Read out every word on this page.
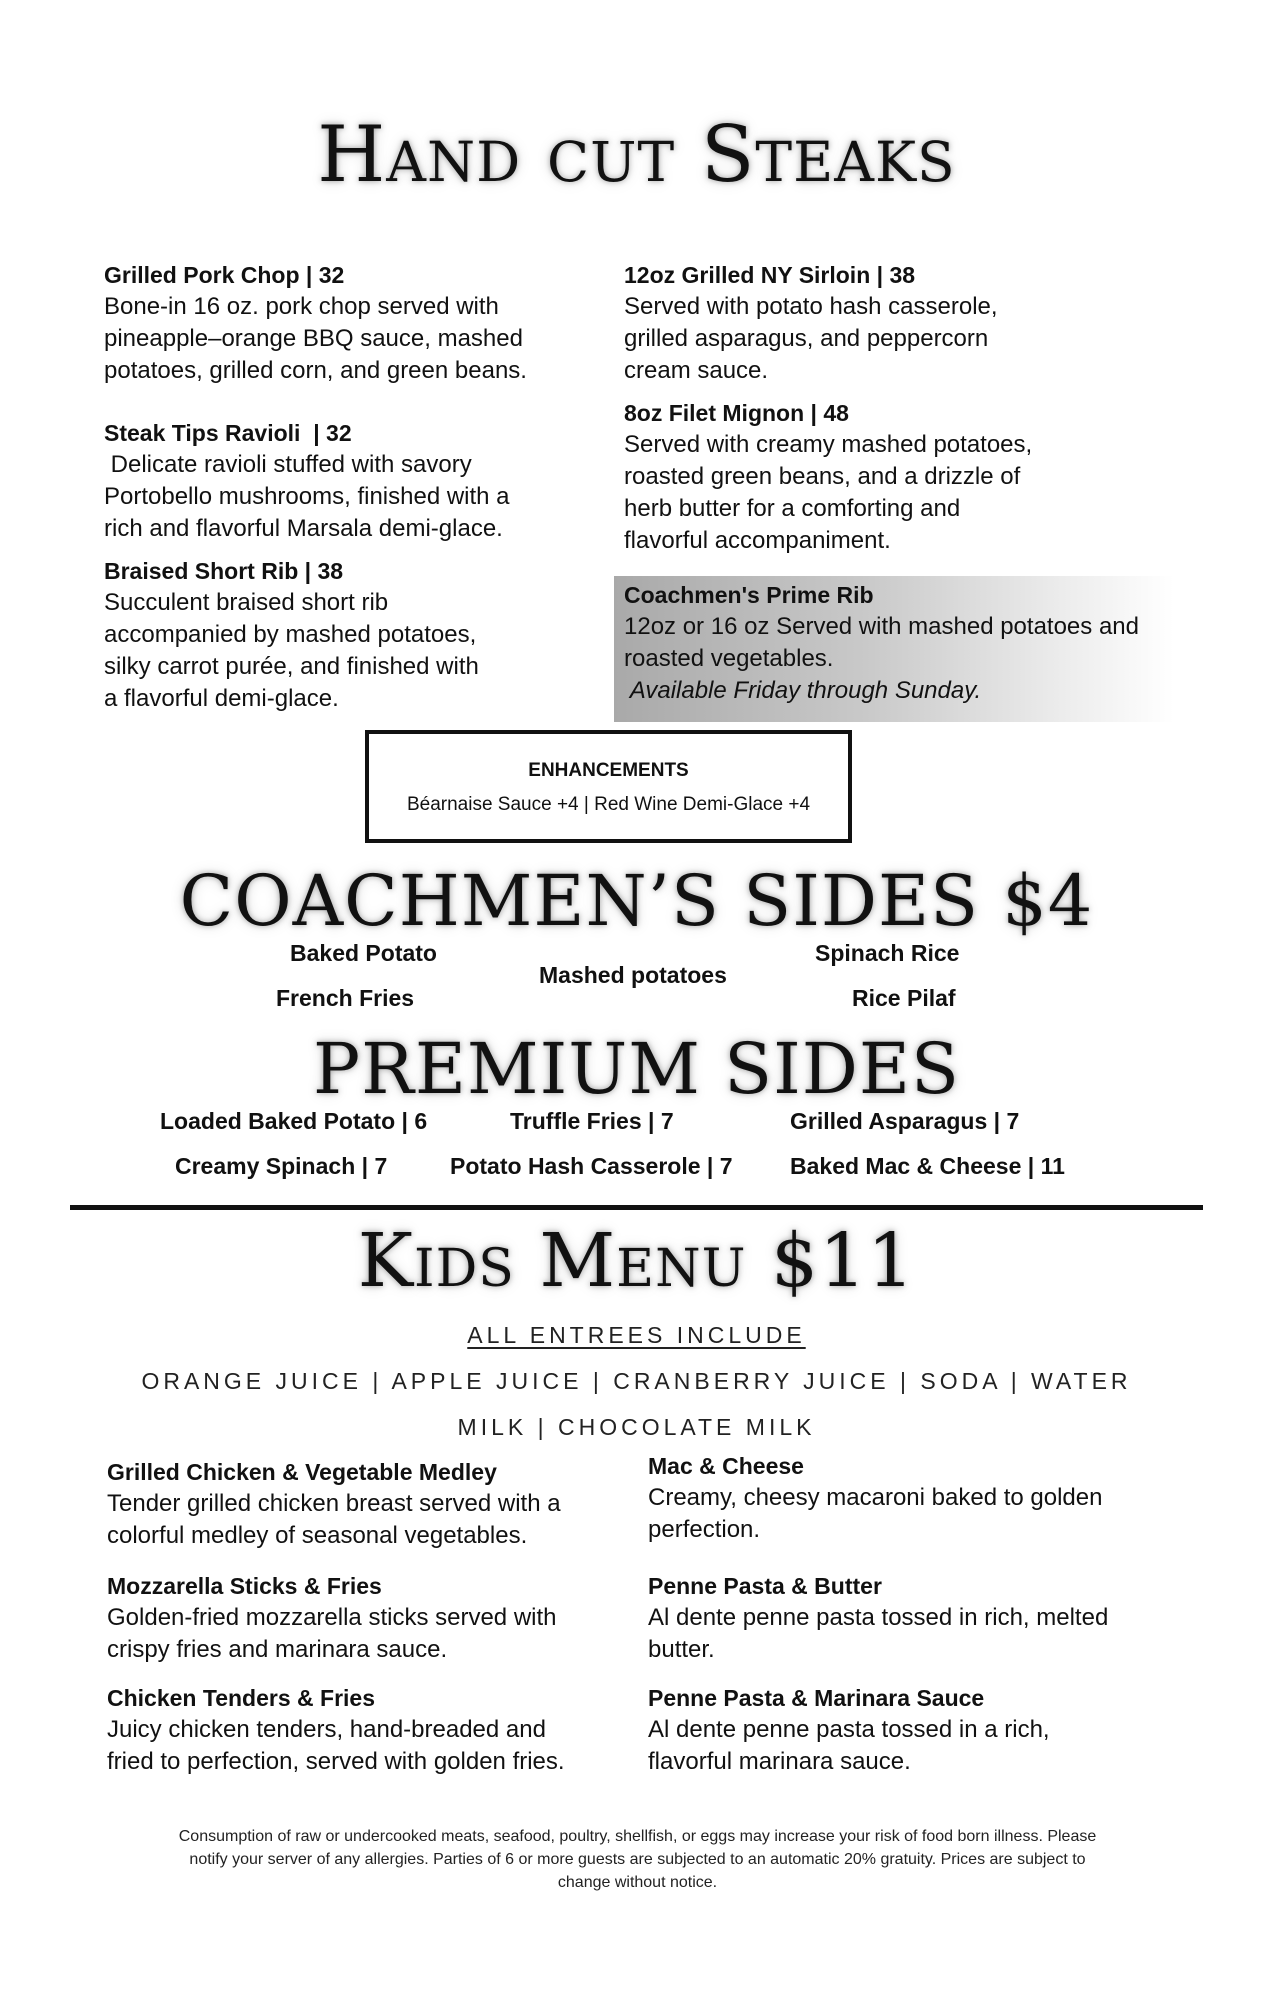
Hand cut Steaks
Grilled Pork Chop | 32
Bone-in 16 oz. pork chop served with
pineapple–orange BBQ sauce, mashed
potatoes, grilled corn, and green beans.
Steak Tips Ravioli  | 32
Delicate ravioli stuffed with savory
Portobello mushrooms, finished with a
rich and flavorful Marsala demi-glace.
Braised Short Rib | 38
Succulent braised short rib
accompanied by mashed potatoes,
silky carrot purée, and finished with
a flavorful demi-glace.
12oz Grilled NY Sirloin | 38
Served with potato hash casserole,
grilled asparagus, and peppercorn
cream sauce.
8oz Filet Mignon | 48
Served with creamy mashed potatoes,
roasted green beans, and a drizzle of
herb butter for a comforting and
flavorful accompaniment.
Coachmen's Prime Rib
12oz or 16 oz Served with mashed potatoes and
roasted vegetables.
Available Friday through Sunday.
ENHANCEMENTS
Béarnaise Sauce +4 | Red Wine Demi-Glace +4
COACHMEN’S SIDES $4
Baked Potato
French Fries
Mashed potatoes
Spinach Rice
Rice Pilaf
PREMIUM SIDES
Loaded Baked Potato | 6	Truffle Fries | 7	Grilled Asparagus | 7
Creamy Spinach | 7	Potato Hash Casserole | 7 Baked Mac & Cheese | 11
Kids Menu $11
ALL ENTREES INCLUDE
ORANGE JUICE | APPLE JUICE | CRANBERRY JUICE | SODA | WATER
MILK | CHOCOLATE MILK
Grilled Chicken & Vegetable Medley
Tender grilled chicken breast served with a
colorful medley of seasonal vegetables.
Mozzarella Sticks & Fries
Golden-fried mozzarella sticks served with
crispy fries and marinara sauce.
Chicken Tenders & Fries
Juicy chicken tenders, hand-breaded and
fried to perfection, served with golden fries.
Mac & Cheese
Creamy, cheesy macaroni baked to golden
perfection.
Penne Pasta & Butter
Al dente penne pasta tossed in rich, melted
butter.
Penne Pasta & Marinara Sauce
Al dente penne pasta tossed in a rich,
flavorful marinara sauce.
Consumption of raw or undercooked meats, seafood, poultry, shellfish, or eggs may increase your risk of food born illness. Please
notify your server of any allergies. Parties of 6 or more guests are subjected to an automatic 20% gratuity. Prices are subject to
change without notice.
